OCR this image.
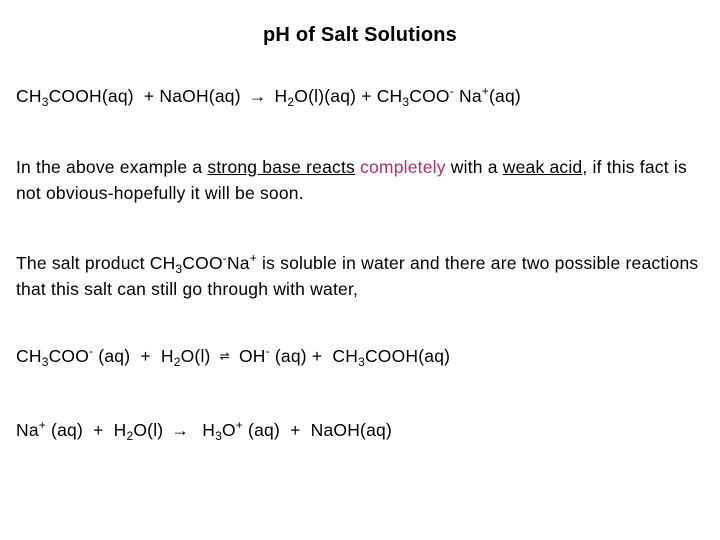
pH of Salt Solutions
$CH_3COOH(aq)$  + NaOH(aq) → $H_2O(l)(aq) + CH_3COO^-$ Na+(aq)
In the above example a strong base reacts completely with a weak acid, if this fact is not obvious-hopefully it will be soon.
The salt product $CH_3COO^-Na^+$ is soluble in water and there are two possible reactions that this salt can still go through with water,
$CH_3COO^-$ $(aq) + H_2O(l)$ ⇌ OH- $(aq) + CH_3COOH(aq)$
Na+ $(aq) + H_2O(l) \to H_3O^+$ (aq)  +  NaOH(aq)
